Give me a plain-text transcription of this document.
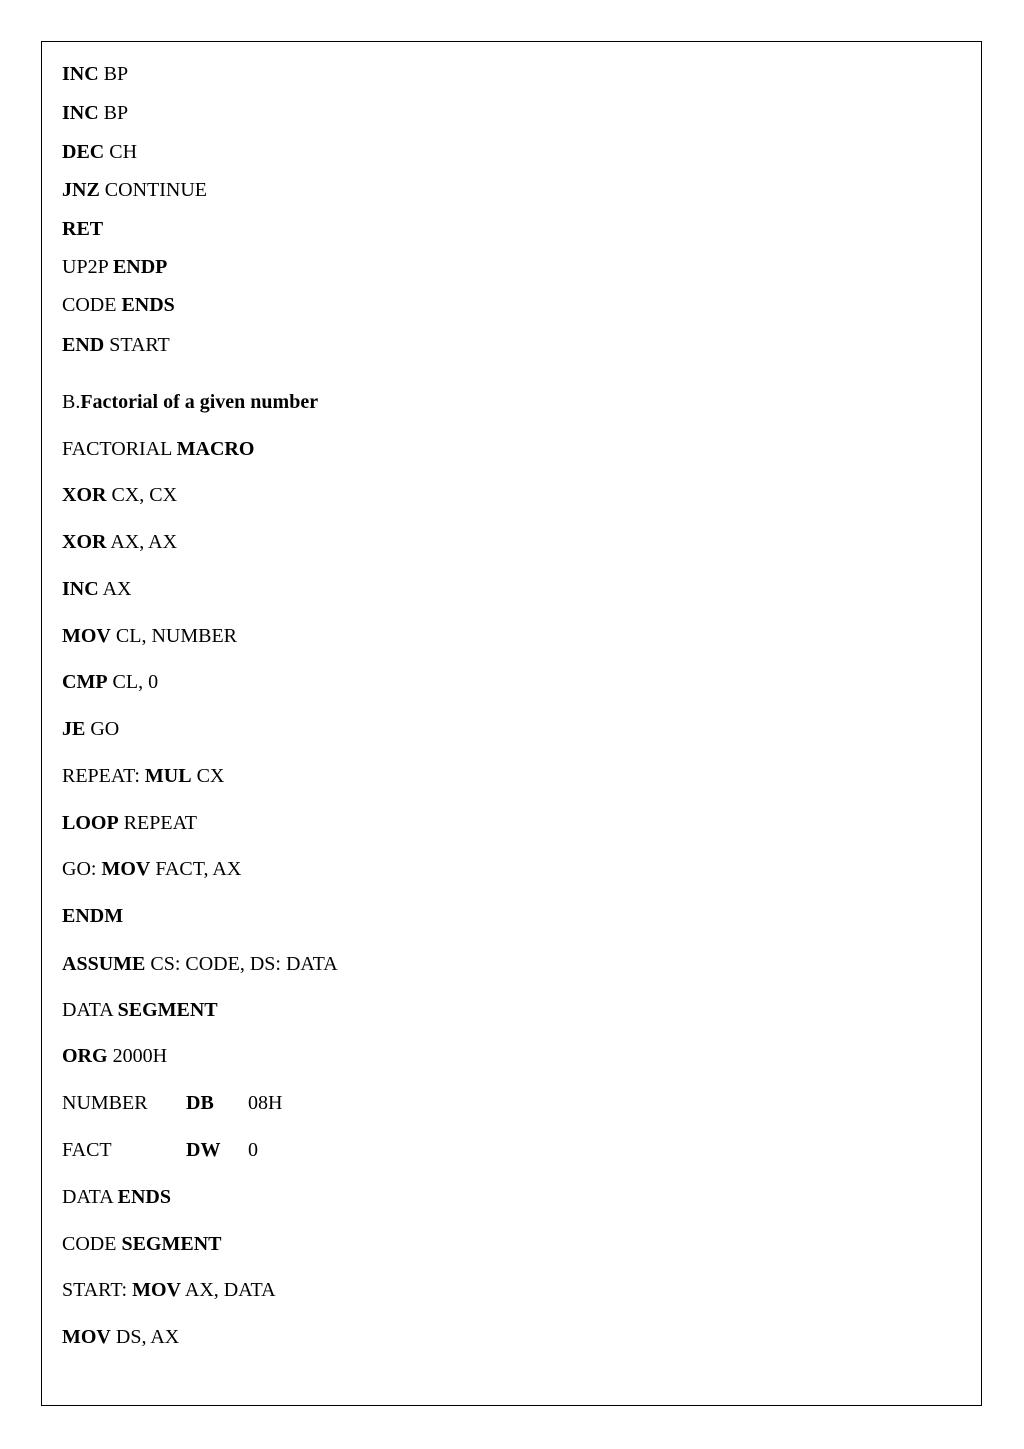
INC BP
INC BP
DEC CH
JNZ CONTINUE
RET
UP2P ENDP
CODE ENDS
END START
B.Factorial of a given number
FACTORIAL MACRO
XOR CX, CX
XOR AX, AX
INC AX
MOV CL, NUMBER
CMP CL, 0
JE GO
REPEAT: MUL CX
LOOP REPEAT
GO: MOV FACT, AX
ENDM
ASSUME CS: CODE, DS: DATA
DATA SEGMENT
ORG 2000H
NUMBER DB 08H
FACT	DW 0
DATA ENDS
CODE SEGMENT
START: MOV AX, DATA
MOV DS, AX
